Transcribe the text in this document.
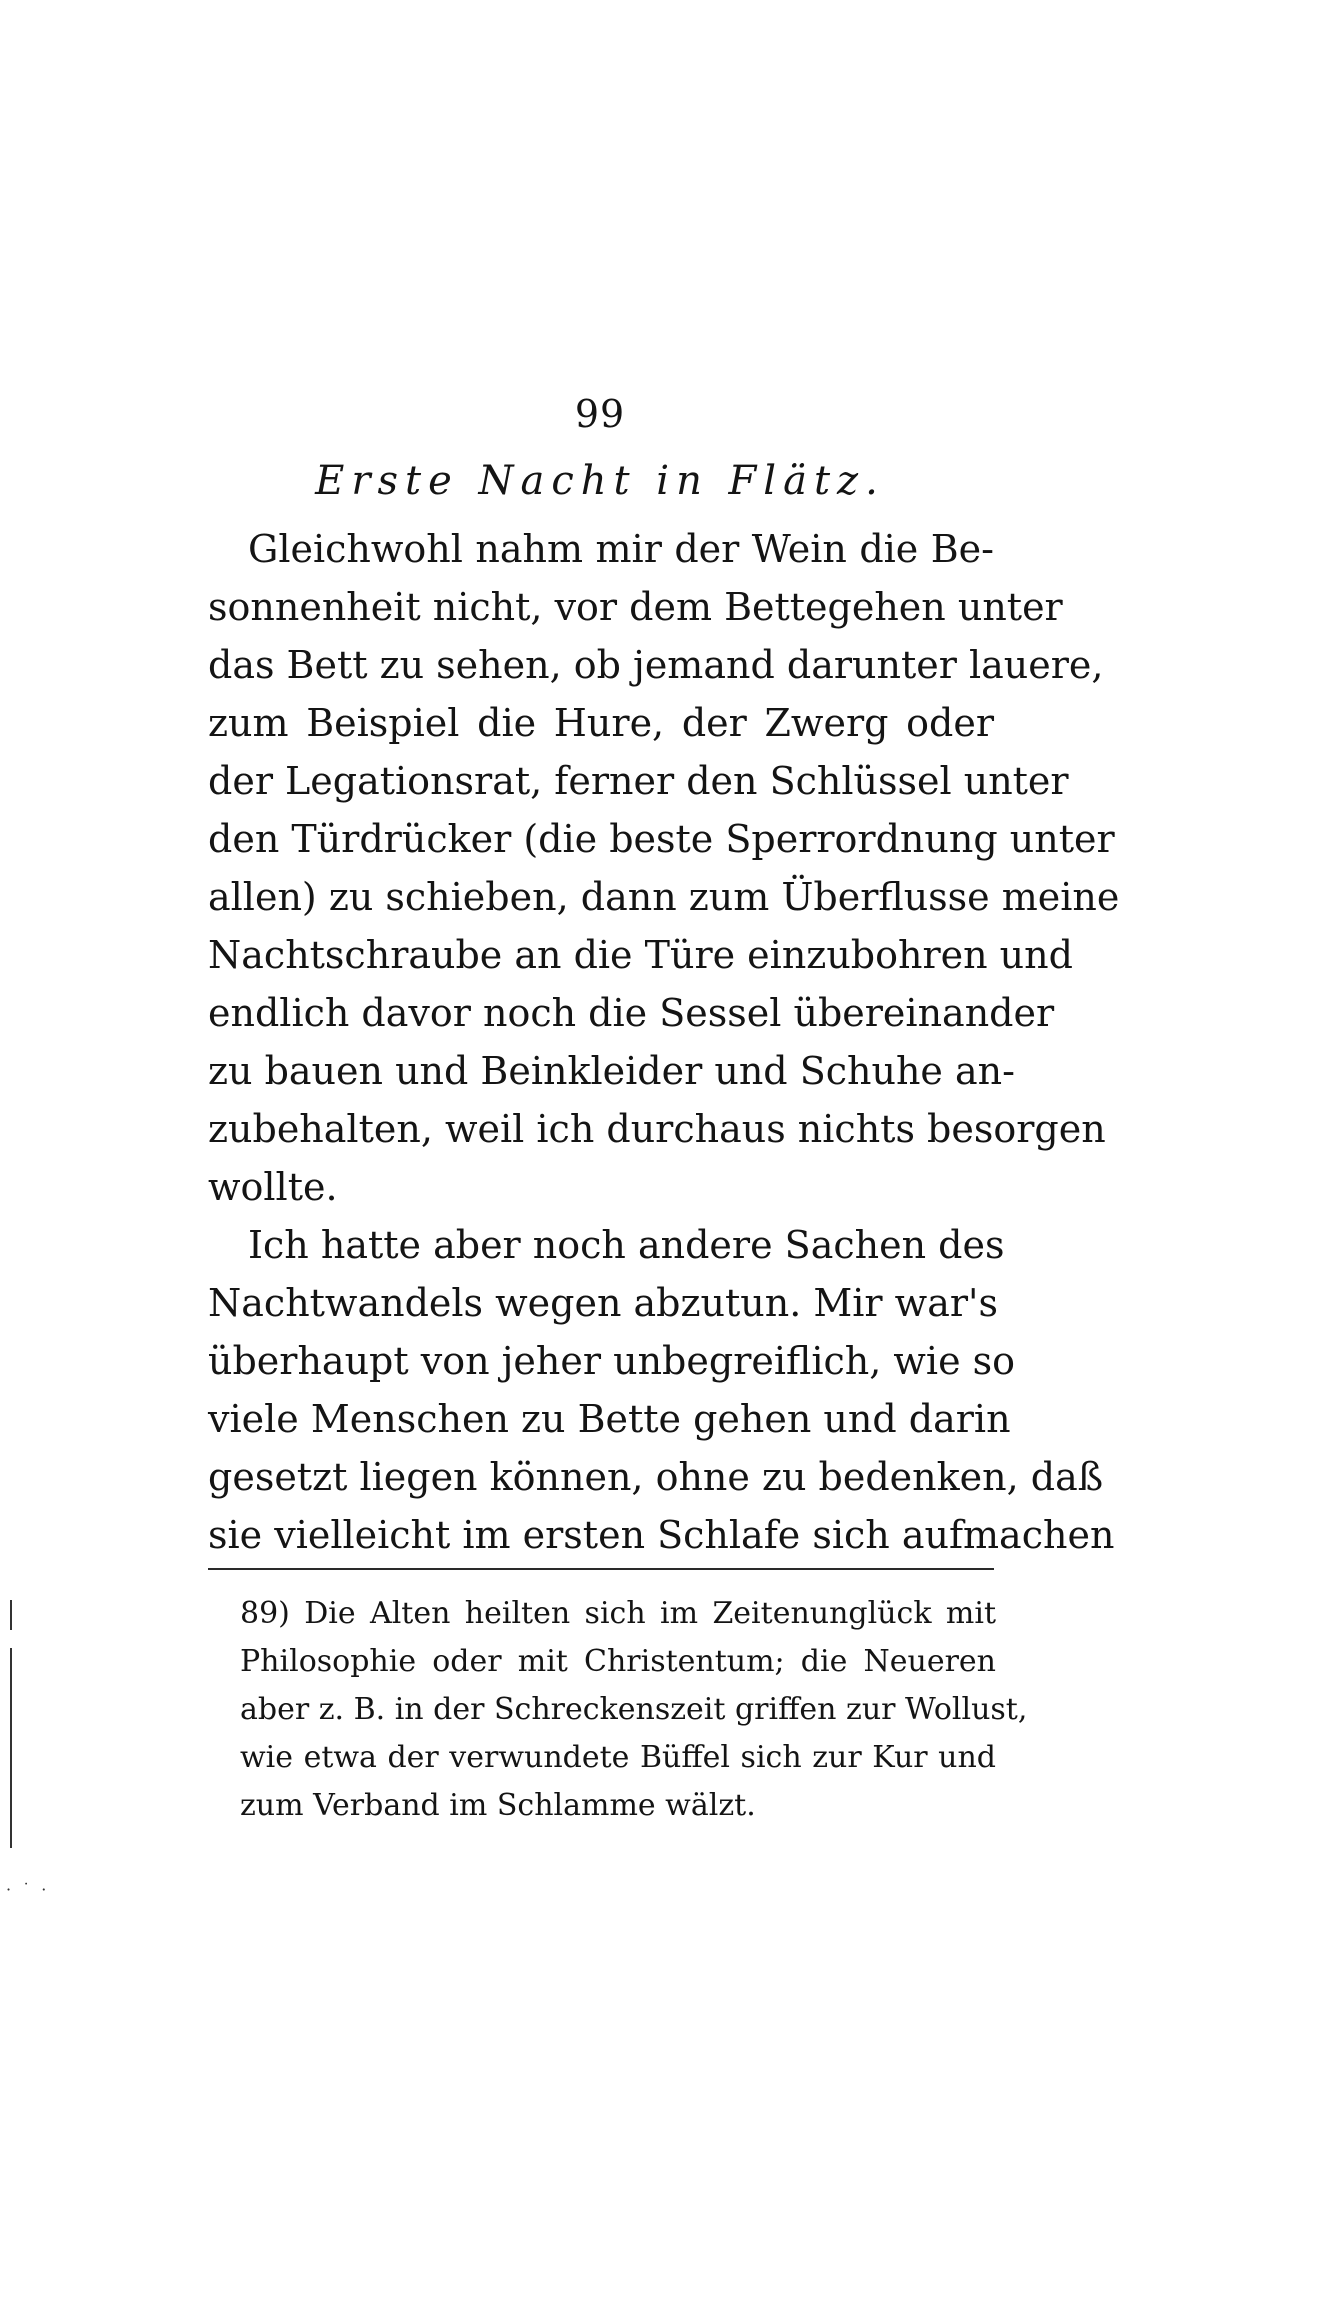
99
Erste Nacht in Flätz.
Gleichwohl nahm mir der Wein die Be-
sonnenheit nicht, vor dem Bettegehen unter
das Bett zu sehen, ob jemand darunter lauere,
zum Beispiel die Hure, der Zwerg oder
der Legationsrat, ferner den Schlüssel unter
den Türdrücker (die beste Sperrordnung unter
allen) zu schieben, dann zum Überflusse meine
Nachtschraube an die Türe einzubohren und
endlich davor noch die Sessel übereinander
zu bauen und Beinkleider und Schuhe an-
zubehalten, weil ich durchaus nichts besorgen
wollte.
Ich hatte aber noch andere Sachen des
Nachtwandels wegen abzutun. Mir war's
überhaupt von jeher unbegreiflich, wie so
viele Menschen zu Bette gehen und darin
gesetzt liegen können, ohne zu bedenken, daß
sie vielleicht im ersten Schlafe sich aufmachen
89) Die Alten heilten sich im Zeitenunglück mit
Philosophie oder mit Christentum; die Neueren
aber z. B. in der Schreckenszeit griffen zur Wollust,
wie etwa der verwundete Büffel sich zur Kur und
zum Verband im Schlamme wälzt.
· ˙ ·
